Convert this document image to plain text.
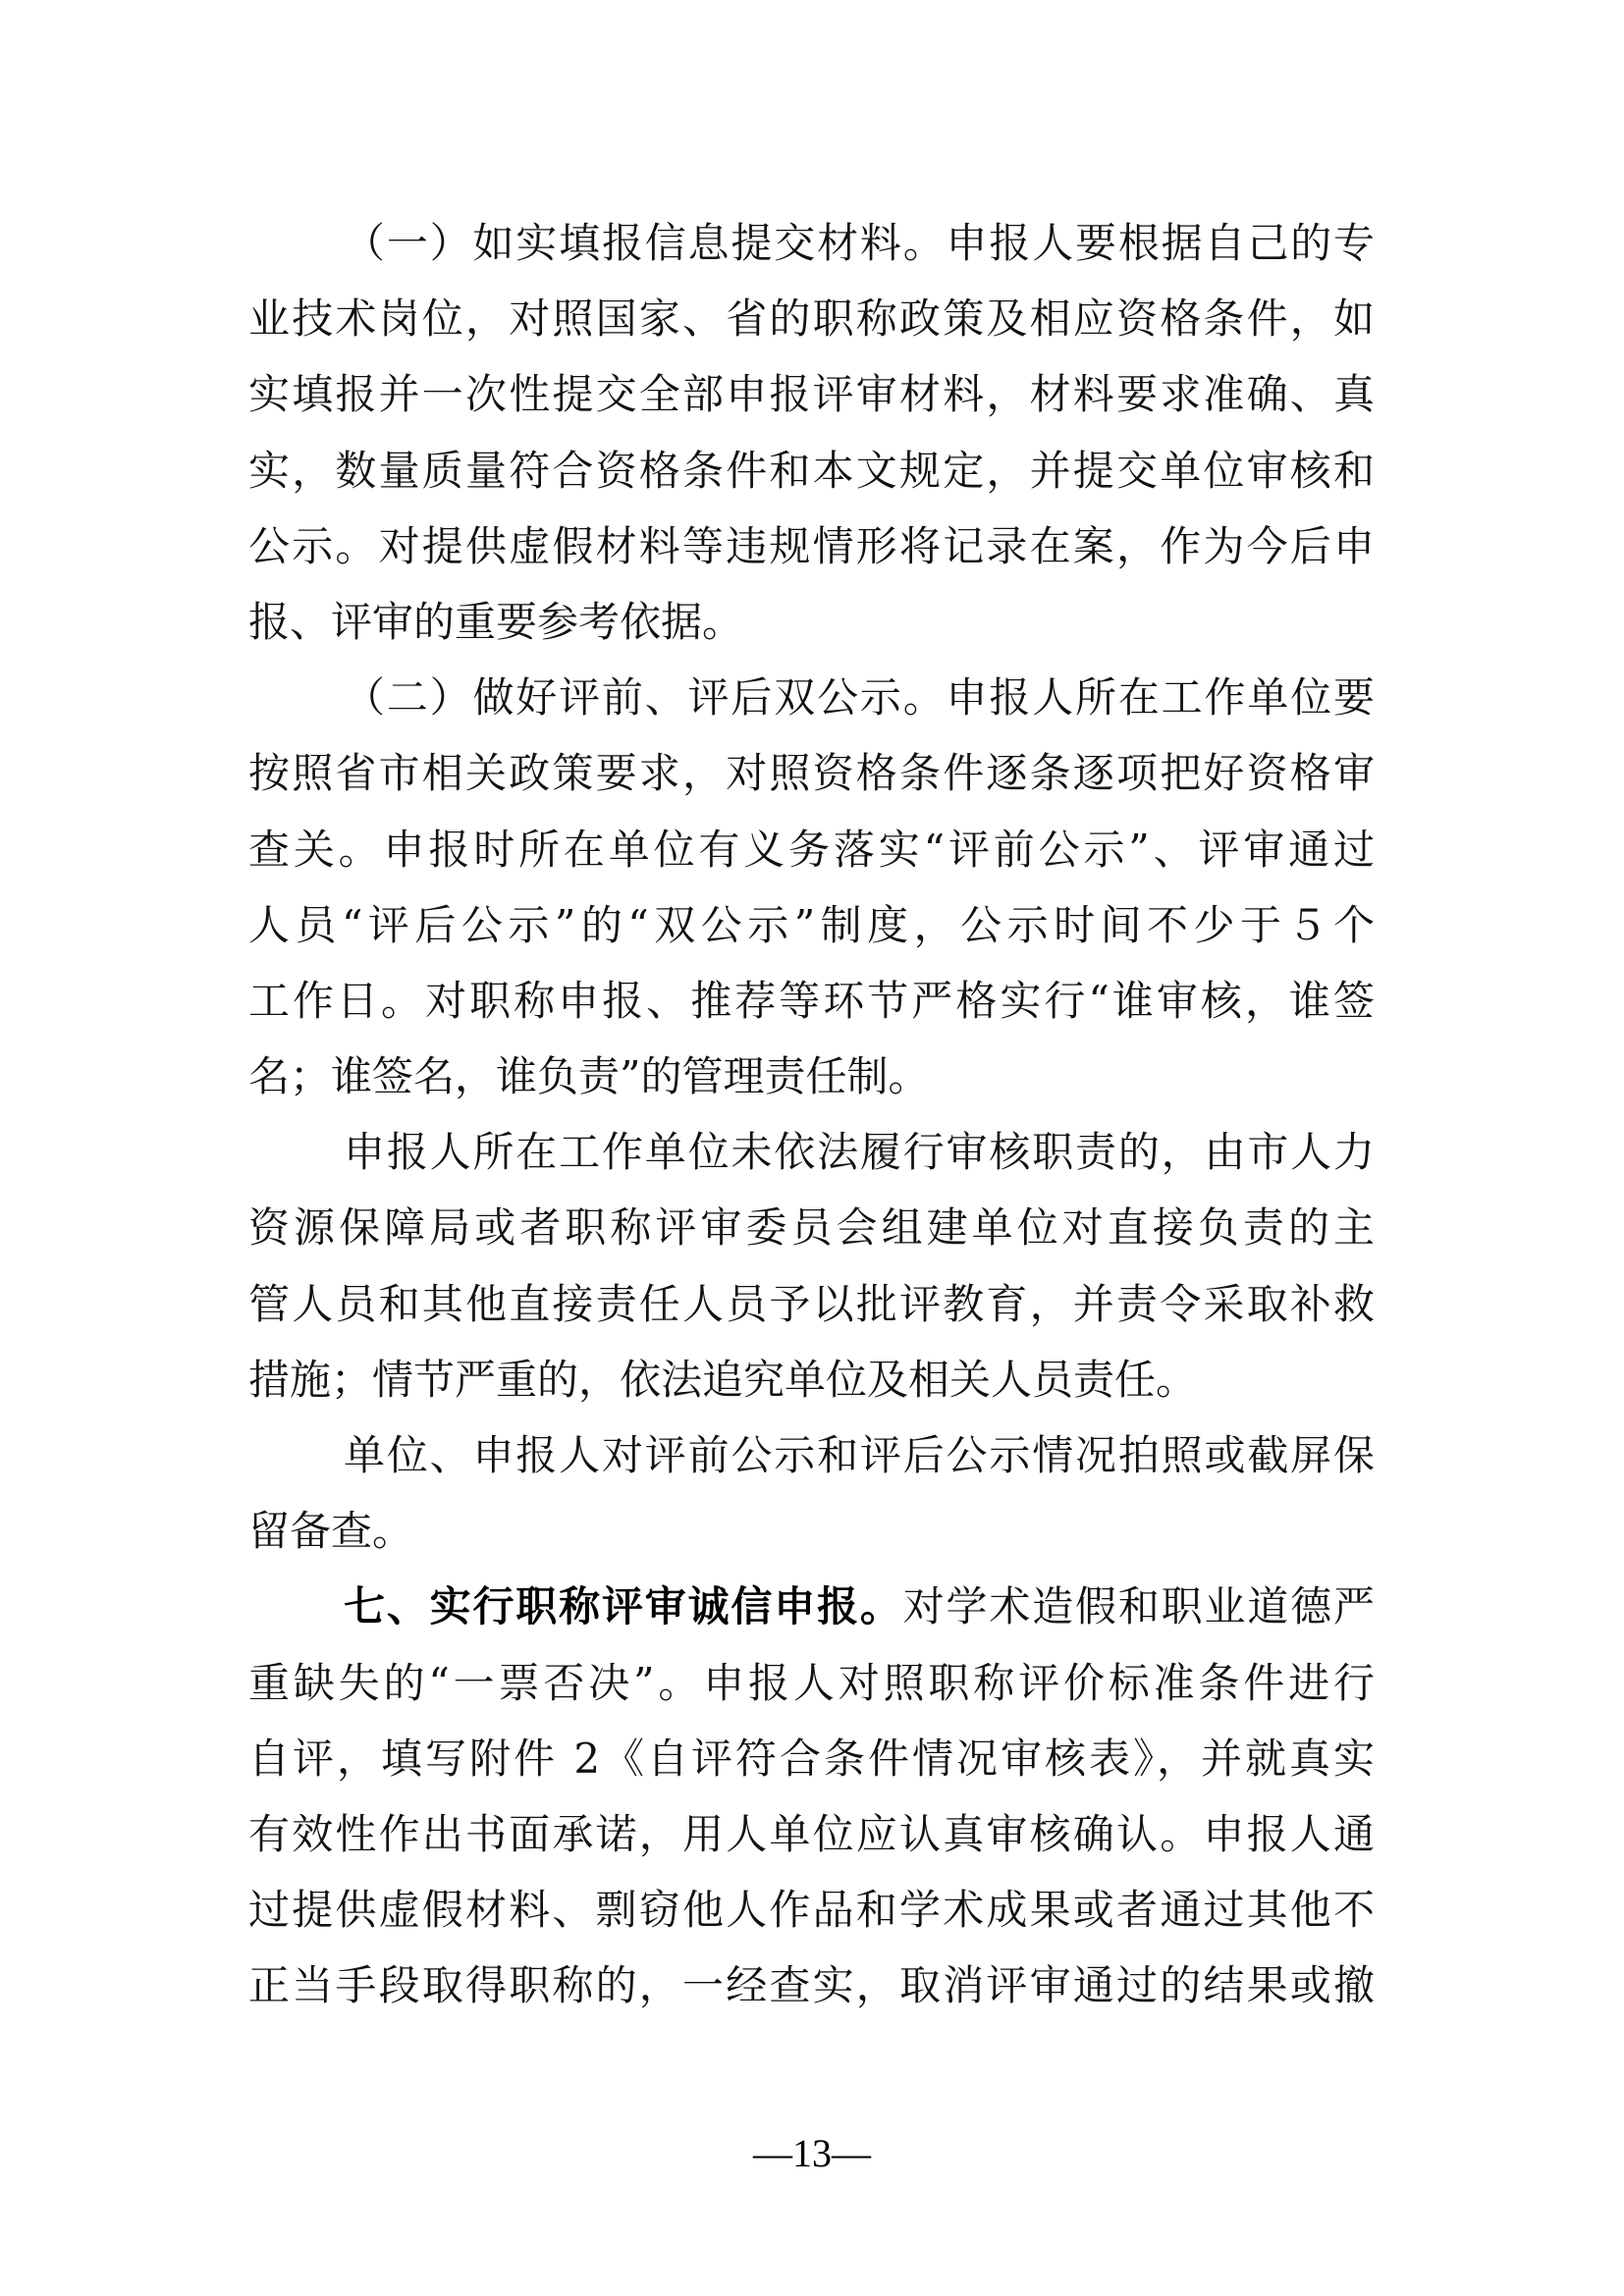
（一）如实填报信息提交材料。申报人要根据自己的专
业技术岗位，对照国家、省的职称政策及相应资格条件，如
实填报并一次性提交全部申报评审材料，材料要求准确、真
实，数量质量符合资格条件和本文规定，并提交单位审核和
公示。对提供虚假材料等违规情形将记录在案，作为今后申
报、评审的重要参考依据。
（二）做好评前、评后双公示。申报人所在工作单位要
按照省市相关政策要求，对照资格条件逐条逐项把好资格审
查关。申报时所在单位有义务落实“评前公示”、评审通过
人员“评后公示”的“双公示”制度，公示时间不少于５个
工作日。对职称申报、推荐等环节严格实行“谁审核，谁签
名；谁签名，谁负责”的管理责任制。
申报人所在工作单位未依法履行审核职责的，由市人力
资源保障局或者职称评审委员会组建单位对直接负责的主
管人员和其他直接责任人员予以批评教育，并责令采取补救
措施；情节严重的，依法追究单位及相关人员责任。
单位、申报人对评前公示和评后公示情况拍照或截屏保
留备查。
七、实行职称评审诚信申报。对学术造假和职业道德严
重缺失的“一票否决”。申报人对照职称评价标准条件进行
自评，填写附件 2《自评符合条件情况审核表》，并就真实
有效性作出书面承诺，用人单位应认真审核确认。申报人通
过提供虚假材料、剽窃他人作品和学术成果或者通过其他不
正当手段取得职称的，一经查实，取消评审通过的结果或撤
—13—
